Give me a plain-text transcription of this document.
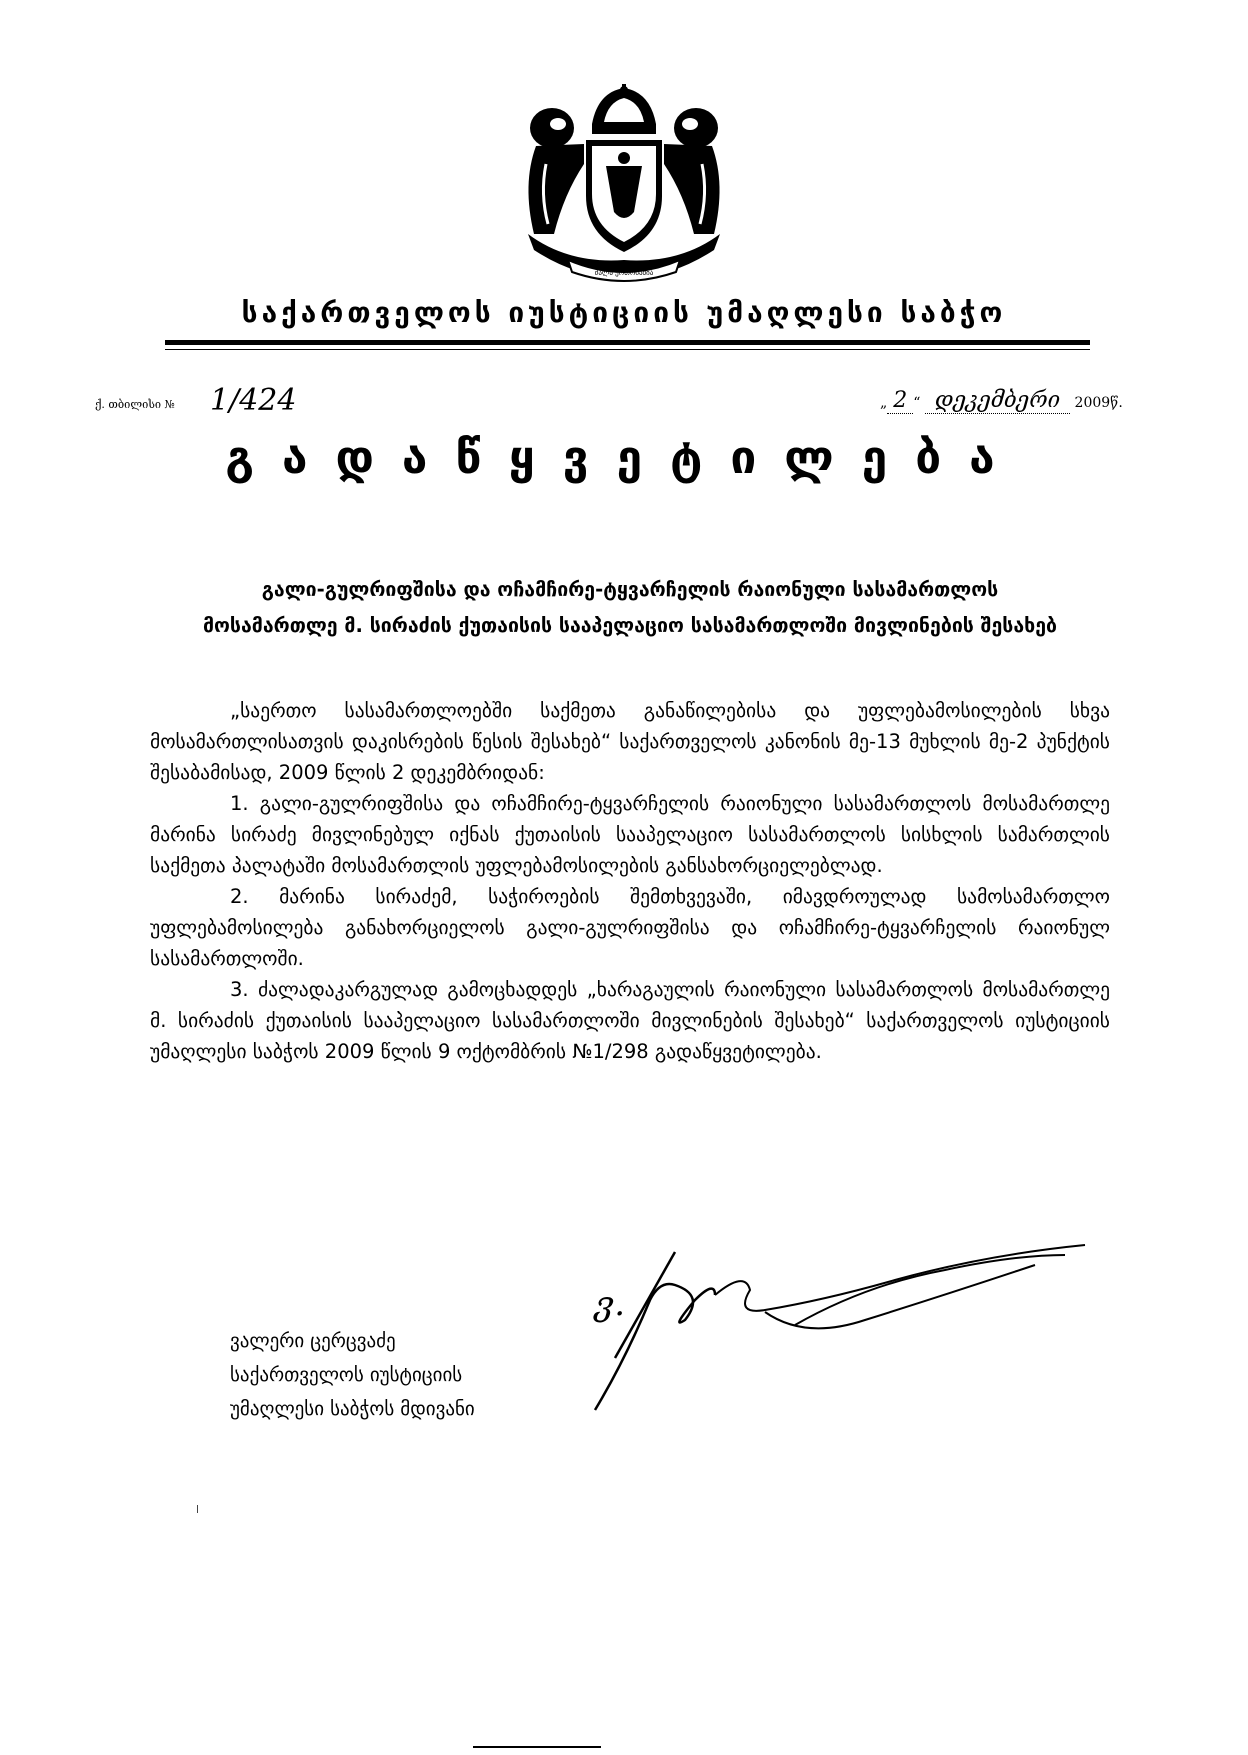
ძალა ერთობაშია
საქართველოს იუსტიციის უმაღლესი საბჭო
ქ. თბილისი № 1/424	„ 2 “ დეკემბერი 2009წ.
გადაწყვეტილება
გალი-გულრიფშისა და ოჩამჩირე-ტყვარჩელის რაიონული სასამართლოს
მოსამართლე მ. სირაძის ქუთაისის სააპელაციო სასამართლოში მივლინების შესახებ

„საერთო სასამართლოებში საქმეთა განაწილებისა და უფლებამოსილების სხვა მოსამართლისათვის დაკისრების წესის შესახებ“ საქართველოს კანონის მე-13 მუხლის მე-2 პუნქტის შესაბამისად, 2009 წლის 2 დეკემბრიდან:

1. გალი-გულრიფშისა და ოჩამჩირე-ტყვარჩელის რაიონული სასამართლოს მოსამართლე მარინა სირაძე მივლინებულ იქნას ქუთაისის სააპელაციო სასამართლოს სისხლის სამართლის საქმეთა პალატაში მოსამართლის უფლებამოსილების განსახორციელებლად.

2. მარინა სირაძემ, საჭიროების შემთხვევაში, იმავდროულად სამოსამართლო უფლებამოსილება განახორციელოს გალი-გულრიფშისა და ოჩამჩირე-ტყვარჩელის რაიონულ სასამართლოში.

3. ძალადაკარგულად გამოცხადდეს „ხარაგაულის რაიონული სასამართლოს მოსამართლე მ. სირაძის ქუთაისის სააპელაციო სასამართლოში მივლინების შესახებ“ საქართველოს იუსტიციის უმაღლესი საბჭოს 2009 წლის 9 ოქტომბრის №1/298 გადაწყვეტილება.

ვალერი ცერცვაძე
საქართველოს იუსტიციის
უმაღლესი საბჭოს მდივანი
ვ.
